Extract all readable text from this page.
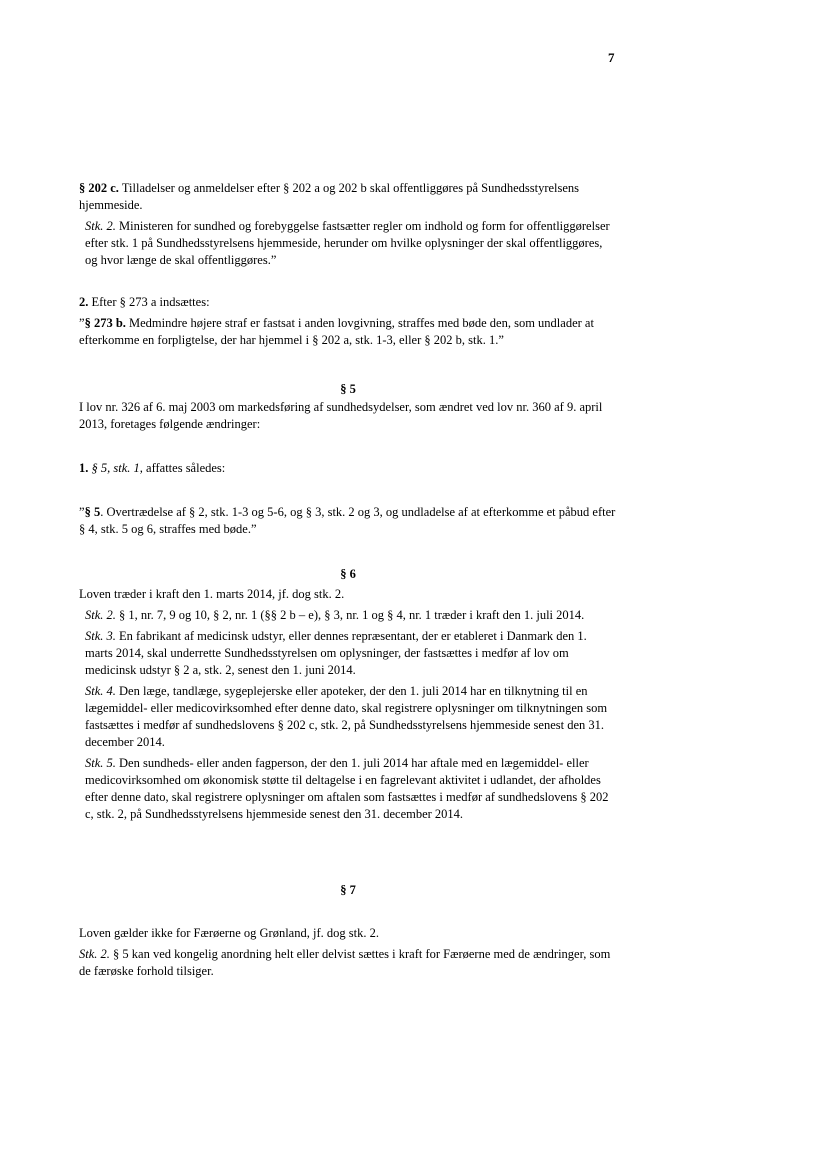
7

§ 202 c. Tilladelser og anmeldelser efter § 202 a og 202 b skal offentliggøres på Sundhedsstyrelsens hjemmeside.

Stk. 2. Ministeren for sundhed og forebyggelse fastsætter regler om indhold og form for offentliggørelser efter stk. 1 på Sundhedsstyrelsens hjemmeside, herunder om hvilke oplysninger der skal offentliggøres, og hvor længe de skal offentliggøres.”

2. Efter § 273 a indsættes:

”§ 273 b. Medmindre højere straf er fastsat i anden lovgivning, straffes med bøde den, som undlader at efterkomme en forpligtelse, der har hjemmel i § 202 a, stk. 1-3, eller § 202 b, stk. 1.”

§ 5

I lov nr. 326 af 6. maj 2003 om markedsføring af sundhedsydelser, som ændret ved lov nr. 360 af 9. april 2013, foretages følgende ændringer:

1. § 5, stk. 1, affattes således:

”§ 5. Overtrædelse af § 2, stk. 1-3 og 5-6, og § 3, stk. 2 og 3, og undladelse af at efterkomme et påbud efter § 4, stk. 5 og 6, straffes med bøde.”

§ 6

Loven træder i kraft den 1. marts 2014, jf. dog stk. 2.

Stk. 2. § 1, nr. 7, 9 og 10, § 2, nr. 1 (§§ 2 b – e), § 3, nr. 1 og § 4, nr. 1 træder i kraft den 1. juli 2014.

Stk. 3. En fabrikant af medicinsk udstyr, eller dennes repræsentant, der er etableret i Danmark den 1. marts 2014, skal underrette Sundhedsstyrelsen om oplysninger, der fastsættes i medfør af lov om medicinsk udstyr § 2 a, stk. 2, senest den 1. juni 2014.

Stk. 4. Den læge, tandlæge, sygeplejerske eller apoteker, der den 1. juli 2014 har en tilknytning til en lægemiddel- eller medicovirksomhed efter denne dato, skal registrere oplysninger om tilknytningen som fastsættes i medfør af sundhedslovens § 202 c, stk. 2, på Sundhedsstyrelsens hjemmeside senest den 31. december 2014.

Stk. 5. Den sundheds- eller anden fagperson, der den 1. juli 2014 har aftale med en lægemiddel- eller medicovirksomhed om økonomisk støtte til deltagelse i en fagrelevant aktivitet i udlandet, der afholdes efter denne dato, skal registrere oplysninger om aftalen som fastsættes i medfør af sundhedslovens § 202 c, stk. 2, på Sundhedsstyrelsens hjemmeside senest den 31. december 2014.

§ 7

Loven gælder ikke for Færøerne og Grønland, jf. dog stk. 2.

Stk. 2. § 5 kan ved kongelig anordning helt eller delvist sættes i kraft for Færøerne med de ændringer, som de færøske forhold tilsiger.
